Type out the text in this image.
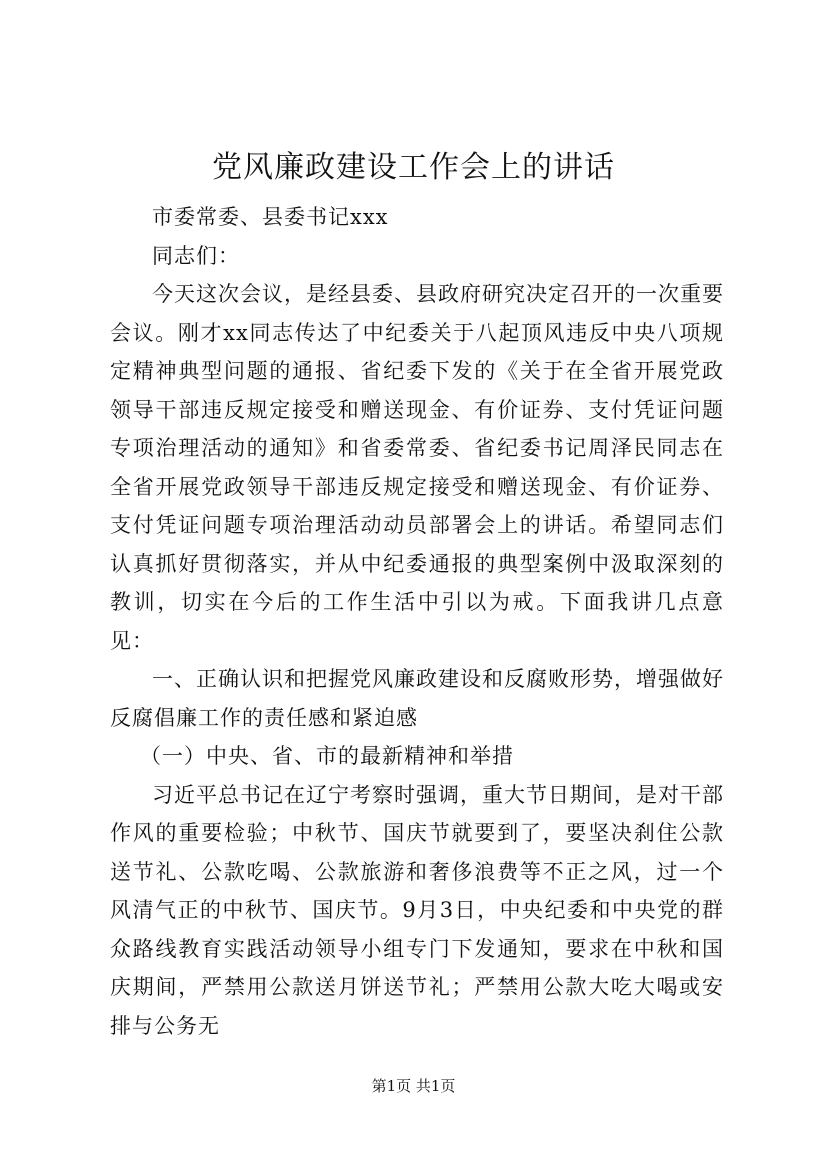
党风廉政建设工作会上的讲话

市委常委、县委书记xxx

同志们：

今天这次会议，是经县委、县政府研究决定召开的一次重要会议。刚才xx同志传达了中纪委关于八起顶风违反中央八项规定精神典型问题的通报、省纪委下发的《关于在全省开展党政领导干部违反规定接受和赠送现金、有价证券、支付凭证问题专项治理活动的通知》和省委常委、省纪委书记周泽民同志在全省开展党政领导干部违反规定接受和赠送现金、有价证券、支付凭证问题专项治理活动动员部署会上的讲话。希望同志们认真抓好贯彻落实，并从中纪委通报的典型案例中汲取深刻的教训，切实在今后的工作生活中引以为戒。下面我讲几点意见：

一、正确认识和把握党风廉政建设和反腐败形势，增强做好反腐倡廉工作的责任感和紧迫感

（一）中央、省、市的最新精神和举措

习近平总书记在辽宁考察时强调，重大节日期间，是对干部作风的重要检验；中秋节、国庆节就要到了，要坚决刹住公款送节礼、公款吃喝、公款旅游和奢侈浪费等不正之风，过一个风清气正的中秋节、国庆节。9月3日，中央纪委和中央党的群众路线教育实践活动领导小组专门下发通知，要求在中秋和国庆期间，严禁用公款送月饼送节礼；严禁用公款大吃大喝或安排与公务无

第1页 共1页
